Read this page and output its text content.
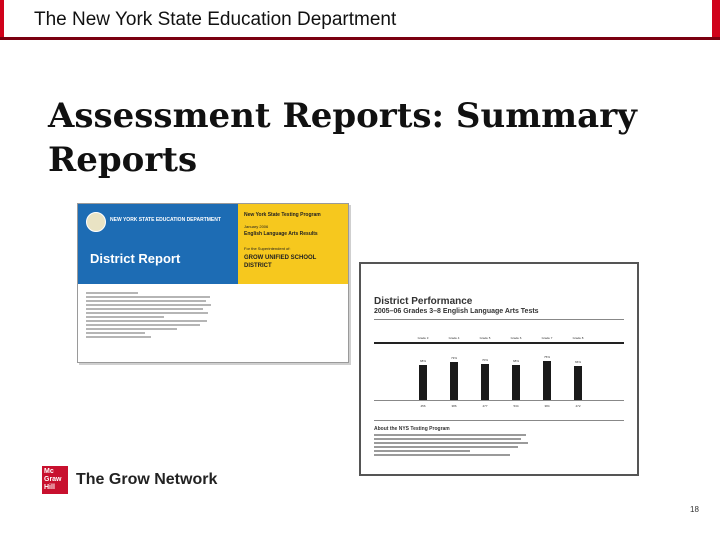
The New York State Education Department
Assessment Reports: Summary Reports
NEW YORK STATE EDUCATION DEPARTMENT
District Report
New York State Testing Program
January 2006
English Language Arts Results
For the Superintendent of:
GROW UNIFIED SCHOOL DISTRICT
District Performance
2005–06 Grades 3–8 English Language Arts Tests
Grade 3
68%
456
Grade 4
73%
386
Grade 5
70%
477
Grade 6
68%
534
Grade 7
75%
384
Grade 8
66%
472
About the NYS Testing Program
Mc
Graw
Hill The Grow Network
18
